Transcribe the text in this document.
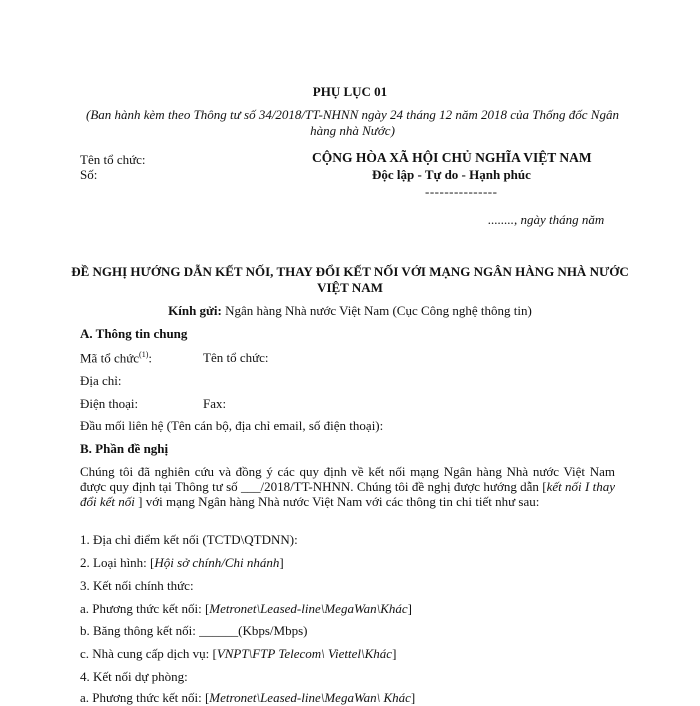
PHỤ LỤC 01
(Ban hành kèm theo Thông tư số 34/2018/TT-NHNN ngày 24 tháng 12 năm 2018 của Thống đốc Ngân hàng nhà Nước)
Tên tổ chức:
Số:
CỘNG HÒA XÃ HỘI CHỦ NGHĨA VIỆT NAM
Độc lập - Tự do - Hạnh phúc
---------------
........, ngày tháng năm
ĐỀ NGHỊ HƯỚNG DẪN KẾT NỐI, THAY ĐỔI KẾT NỐI VỚI MẠNG NGÂN HÀNG NHÀ NƯỚC VIỆT NAM
Kính gửi: Ngân hàng Nhà nước Việt Nam (Cục Công nghệ thông tin)
A. Thông tin chung
Mã tổ chức$^{(1)}$:	Tên tổ chức:
Địa chỉ:
Điện thoại:	Fax:
Đầu mối liên hệ (Tên cán bộ, địa chỉ email, số điện thoại):
B. Phần đề nghị
Chúng tôi đã nghiên cứu và đồng ý các quy định về kết nối mạng Ngân hàng Nhà nước Việt Nam được quy định tại Thông tư số ___/2018/TT-NHNN. Chúng tôi đề nghị được hướng dẫn [kết nối I thay đổi kết nối ] với mạng Ngân hàng Nhà nước Việt Nam với các thông tin chi tiết như sau:
1. Địa chỉ điểm kết nối (TCTD\QTDNN):
2. Loại hình: [Hội sở chính/Chi nhánh]
3. Kết nối chính thức:
a. Phương thức kết nối: [Metronet\Leased-line\MegaWan\Khác]
b. Băng thông kết nối: ______(Kbps/Mbps)
c. Nhà cung cấp dịch vụ: [VNPT\FTP Telecom\ Viettel\Khác]
4. Kết nối dự phòng:
a. Phương thức kết nối: [Metronet\Leased-line\MegaWan\ Khác]
